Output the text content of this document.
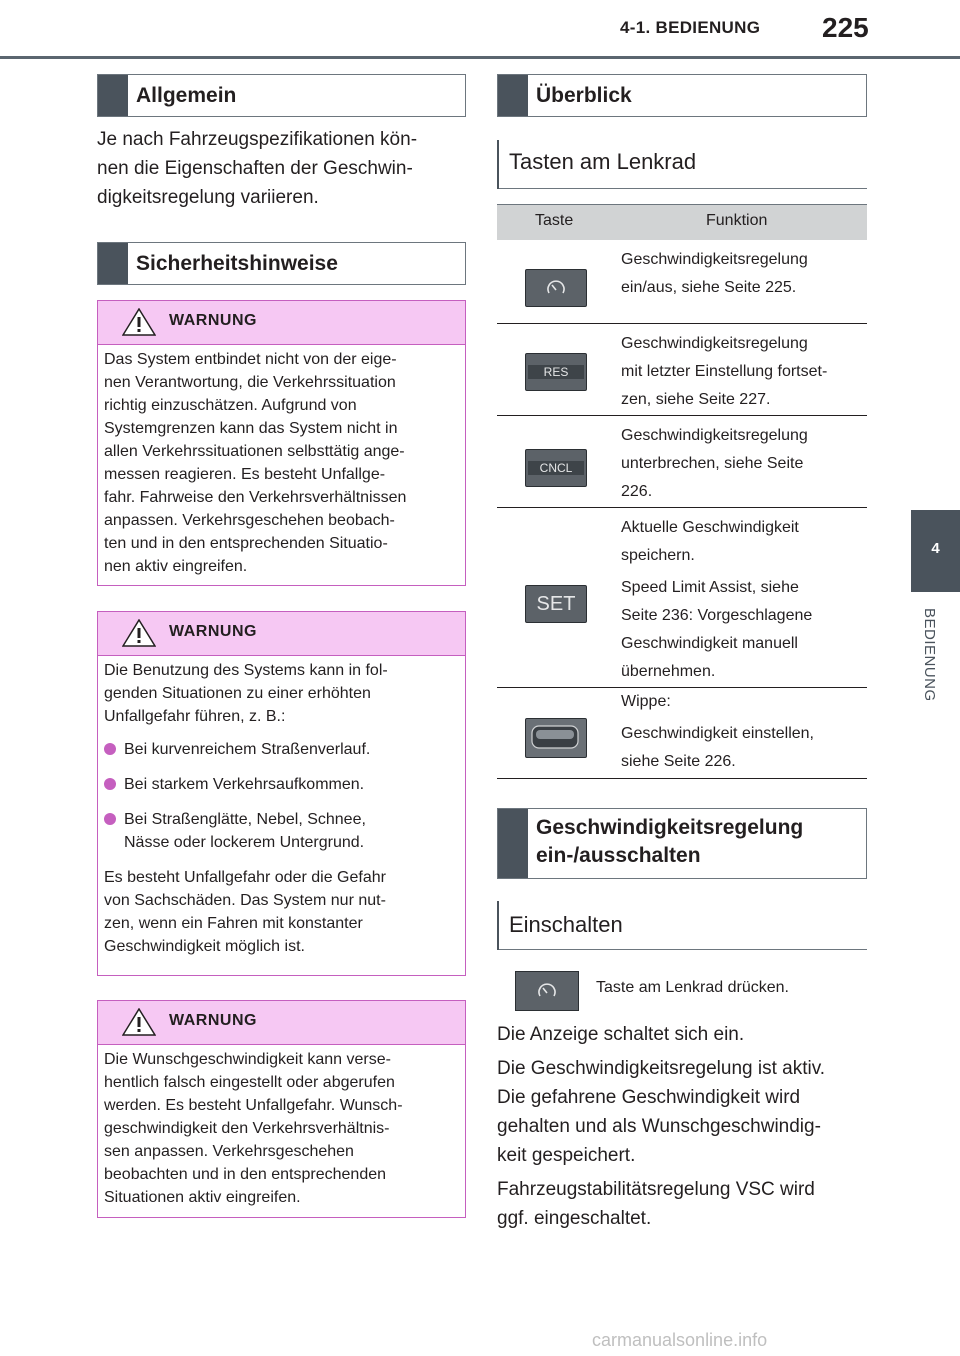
4-1. BEDIENUNG 225
4
BEDIENUNG
Allgemein
Je nach Fahrzeugspezifikationen kön-
nen die Eigenschaften der Geschwin-
digkeitsregelung variieren.
Sicherheitshinweise
WARNUNG
Das System entbindet nicht von der eige-
nen Verantwortung, die Verkehrssituation
richtig einzuschätzen. Aufgrund von
Systemgrenzen kann das System nicht in
allen Verkehrssituationen selbsttätig ange-
messen reagieren. Es besteht Unfallge-
fahr. Fahrweise den Verkehrsverhältnissen
anpassen. Verkehrsgeschehen beobach-
ten und in den entsprechenden Situatio-
nen aktiv eingreifen.
WARNUNG
Die Benutzung des Systems kann in fol-
genden Situationen zu einer erhöhten
Unfallgefahr führen, z. B.:
Bei kurvenreichem Straßenverlauf.
Bei starkem Verkehrsaufkommen.
Bei Straßenglätte, Nebel, Schnee,
Nässe oder lockerem Untergrund.
Es besteht Unfallgefahr oder die Gefahr
von Sachschäden. Das System nur nut-
zen, wenn ein Fahren mit konstanter
Geschwindigkeit möglich ist.
WARNUNG
Die Wunschgeschwindigkeit kann verse-
hentlich falsch eingestellt oder abgerufen
werden. Es besteht Unfallgefahr. Wunsch-
geschwindigkeit den Verkehrsverhältnis-
sen anpassen. Verkehrsgeschehen
beobachten und in den entsprechenden
Situationen aktiv eingreifen.
Überblick
Tasten am Lenkrad
Taste	Funktion
Geschwindigkeitsregelung
ein/aus, siehe Seite 225.
RES
Geschwindigkeitsregelung
mit letzter Einstellung fortset-
zen, siehe Seite 227.
CNCL
Geschwindigkeitsregelung
unterbrechen, siehe Seite
226.
SET

Aktuelle Geschwindigkeit
speichern.

Speed Limit Assist, siehe
Seite 236: Vorgeschlagene
Geschwindigkeit manuell
übernehmen.

Wippe:

Geschwindigkeit einstellen,
siehe Seite 226.

Geschwindigkeitsregelung
ein-/ausschalten
Einschalten
Taste am Lenkrad drücken.
Die Anzeige schaltet sich ein.
Die Geschwindigkeitsregelung ist aktiv.
Die gefahrene Geschwindigkeit wird
gehalten und als Wunschgeschwindig-
keit gespeichert.
Fahrzeugstabilitätsregelung VSC wird
ggf. eingeschaltet.
carmanualsonline.info
